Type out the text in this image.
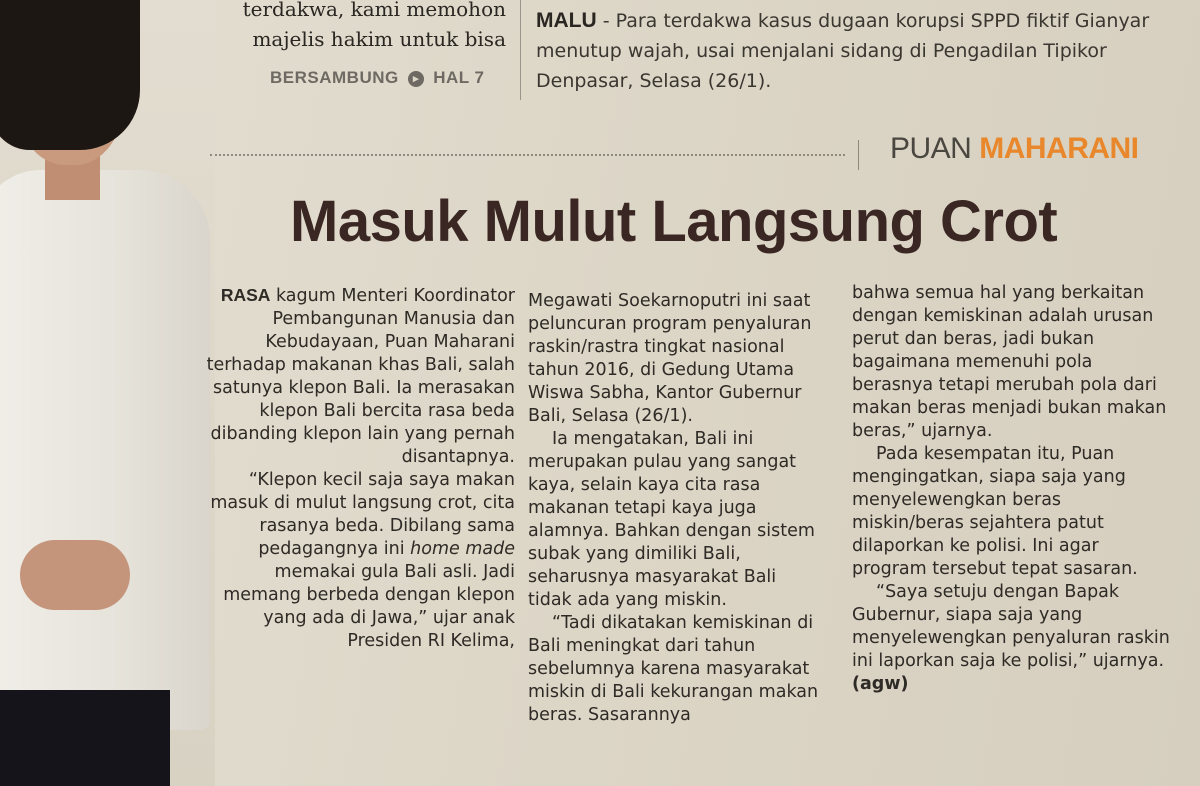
terdakwa, kami memohon
majelis hakim untuk bisa
BERSAMBUNG ▸ HAL 7
MALU - Para terdakwa kasus dugaan korupsi SPPD fiktif Gianyar menutup wajah, usai menjalani sidang di Pengadilan Tipikor Denpasar, Selasa (26/1).
PUAN MAHARANI
Masuk Mulut Langsung Crot

RASA kagum Menteri Koordinator Pembangunan Manusia dan Kebudayaan, Puan Maharani terhadap makanan khas Bali, salah satunya klepon Bali. Ia merasakan klepon Bali bercita rasa beda dibanding klepon lain yang pernah disantapnya.

“Klepon kecil saja saya makan masuk di mulut langsung crot, cita rasanya beda. Dibilang sama pedagangnya ini home made memakai gula Bali asli. Jadi memang berbeda dengan klepon yang ada di Jawa,” ujar anak Presiden RI Kelima,

Megawati Soekarnoputri ini saat peluncuran program penyaluran raskin/rastra tingkat nasional tahun 2016, di Gedung Utama Wiswa Sabha, Kantor Gubernur Bali, Selasa (26/1).

Ia mengatakan, Bali ini merupakan pulau yang sangat kaya, selain kaya cita rasa makanan tetapi kaya juga alamnya. Bahkan dengan sistem subak yang dimiliki Bali, seharusnya masyarakat Bali tidak ada yang miskin.

“Tadi dikatakan kemiskinan di Bali meningkat dari tahun sebelumnya karena masyarakat miskin di Bali kekurangan makan beras. Sasarannya

bahwa semua hal yang berkaitan dengan kemiskinan adalah urusan perut dan beras, jadi bukan bagaimana memenuhi pola berasnya tetapi merubah pola dari makan beras menjadi bukan makan beras,” ujarnya.

Pada kesempatan itu, Puan mengingatkan, siapa saja yang menyelewengkan beras miskin/beras sejahtera patut dilaporkan ke polisi. Ini agar program tersebut tepat sasaran.

“Saya setuju dengan Bapak Gubernur, siapa saja yang menyelewengkan penyaluran raskin ini laporkan saja ke polisi,” ujarnya. (agw)
